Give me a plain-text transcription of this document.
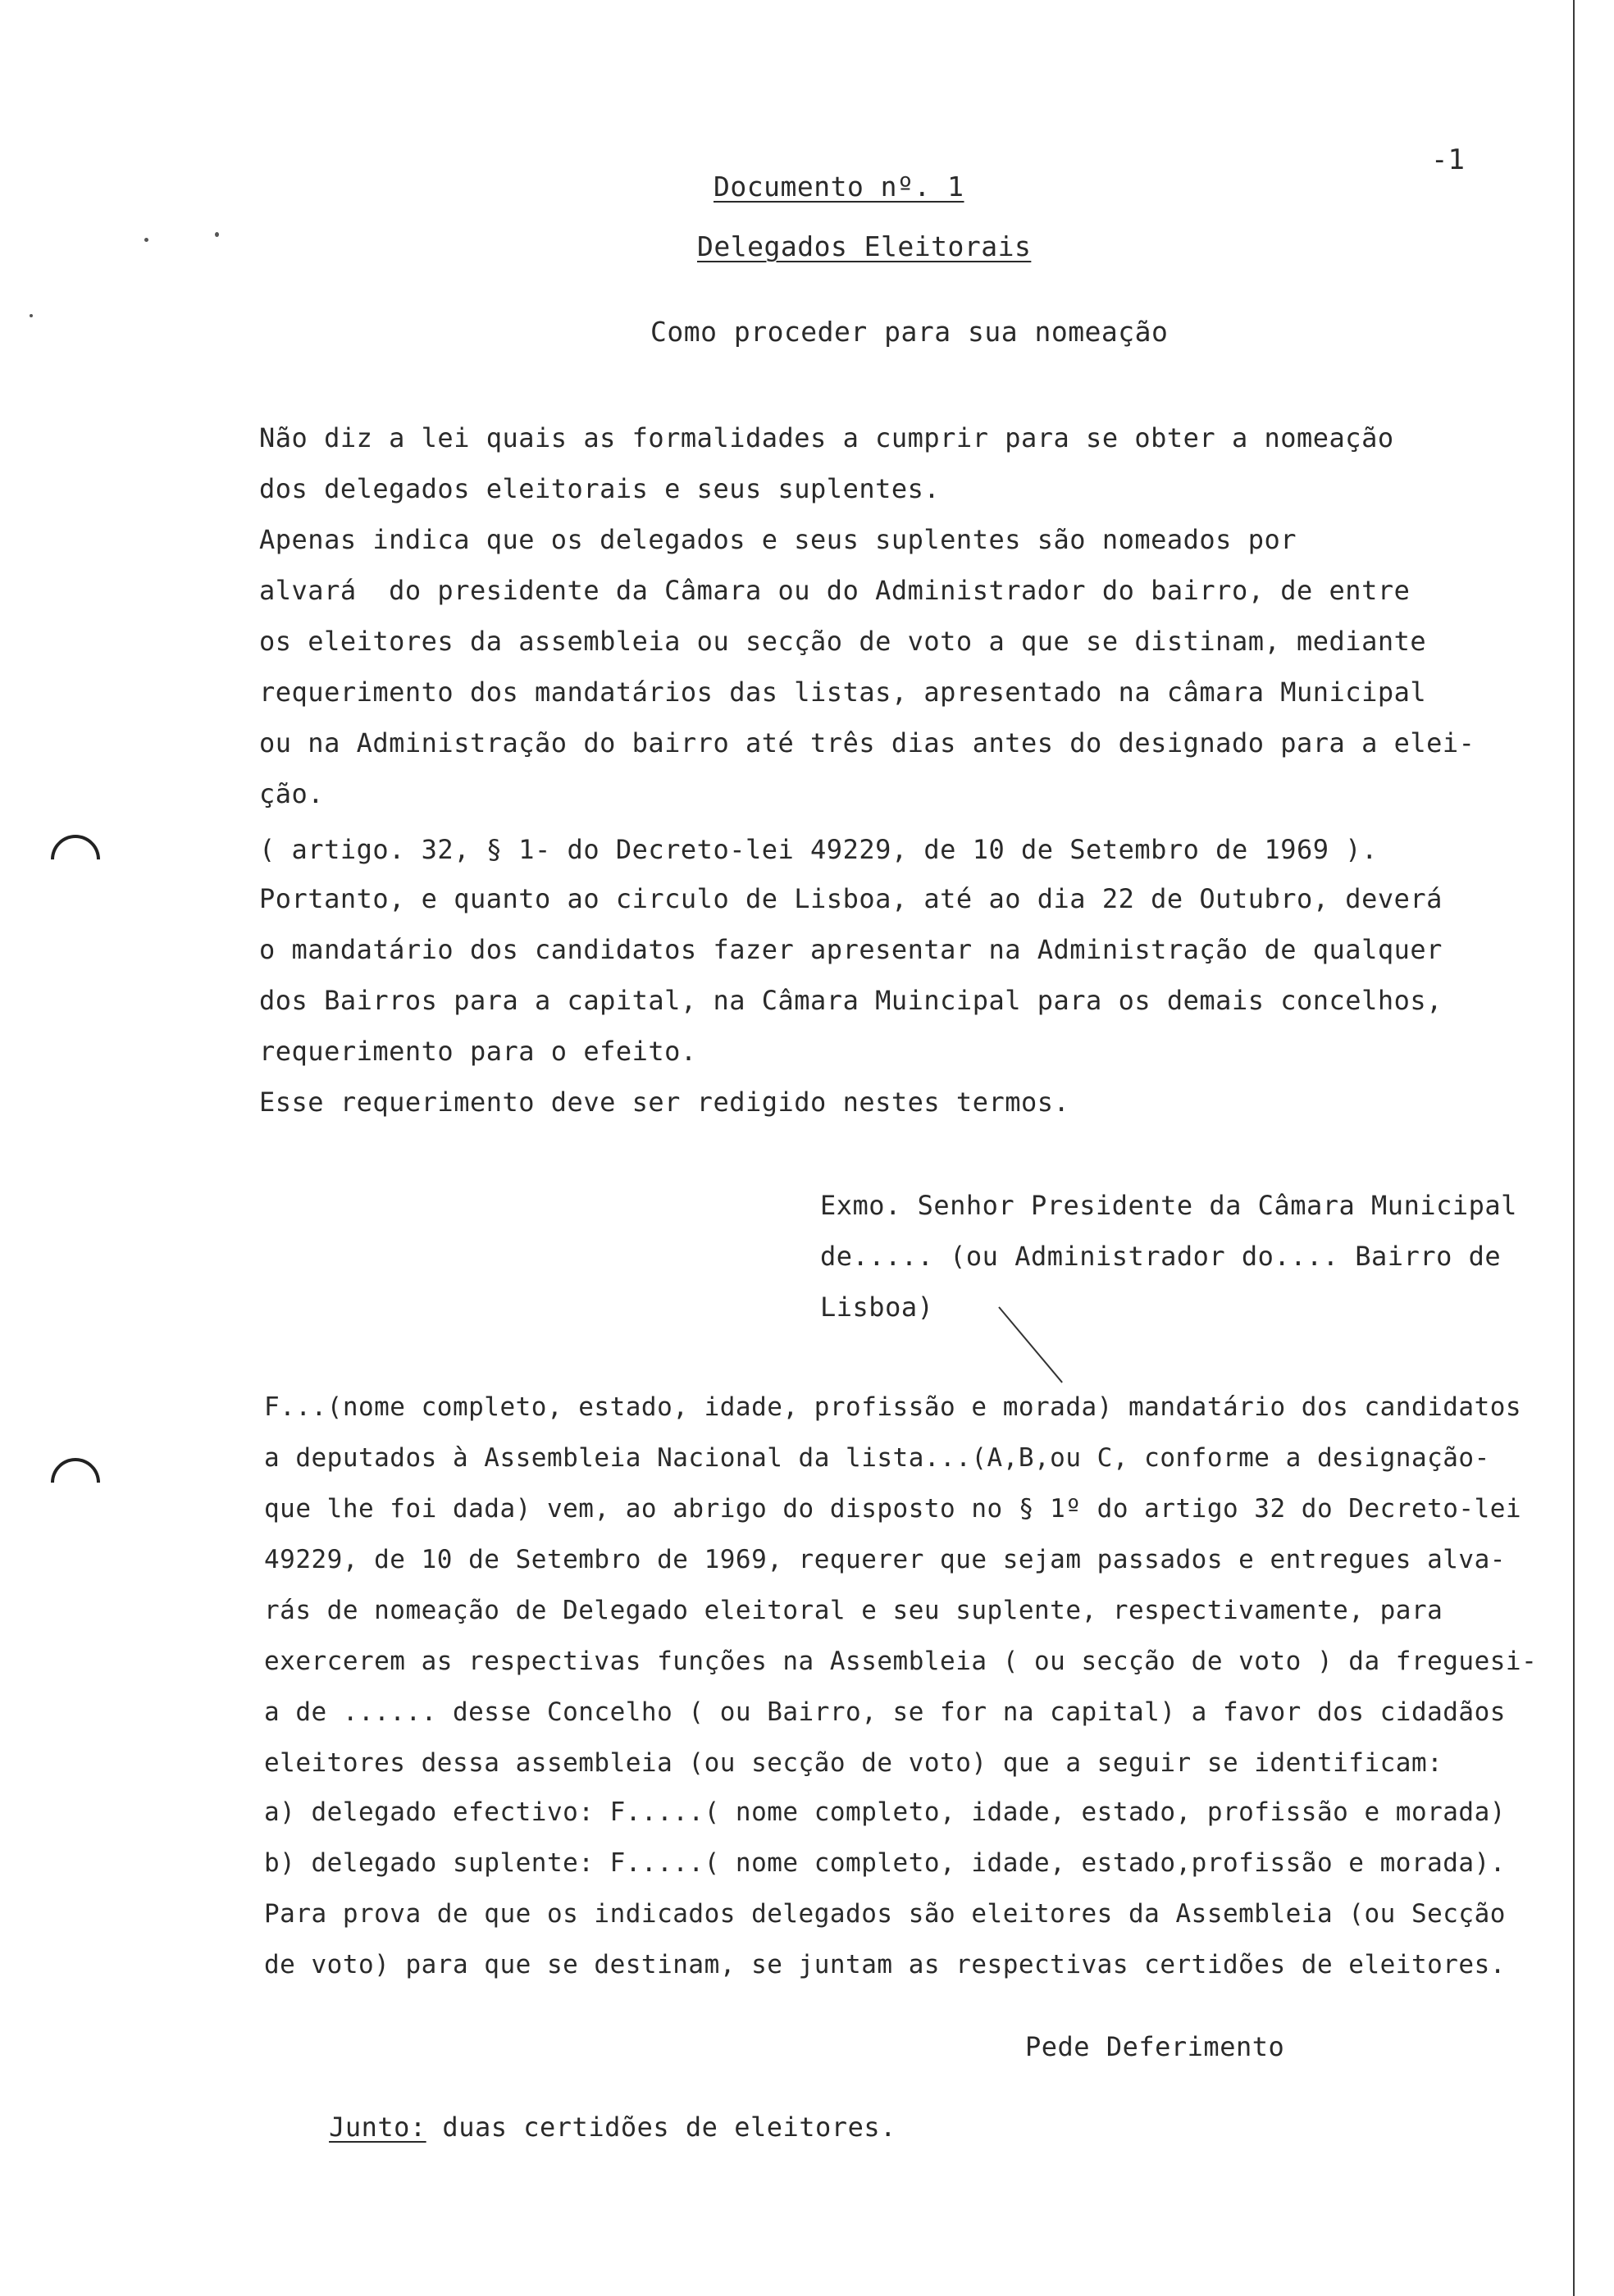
-1
Documento nº. 1
Delegados Eleitorais
Como proceder para sua nomeação
Não diz a lei quais as formalidades a cumprir para se obter a nomeação
dos delegados eleitorais e seus suplentes.
Apenas indica que os delegados e seus suplentes são nomeados por
alvará  do presidente da Câmara ou do Administrador do bairro, de entre
os eleitores da assembleia ou secção de voto a que se distinam, mediante
requerimento dos mandatários das listas, apresentado na câmara Municipal
ou na Administração do bairro até três dias antes do designado para a elei-
ção.
( artigo. 32, § 1- do Decreto-lei 49229, de 10 de Setembro de 1969 ).
Portanto, e quanto ao circulo de Lisboa, até ao dia 22 de Outubro, deverá
o mandatário dos candidatos fazer apresentar na Administração de qualquer
dos Bairros para a capital, na Câmara Muincipal para os demais concelhos,
requerimento para o efeito.
Esse requerimento deve ser redigido nestes termos.
Exmo. Senhor Presidente da Câmara Municipal
de..... (ou Administrador do.... Bairro de
Lisboa)
F...(nome completo, estado, idade, profissão e morada) mandatário dos candidatos
a deputados à Assembleia Nacional da lista...(A,B,ou C, conforme a designação-
que lhe foi dada) vem, ao abrigo do disposto no § 1º do artigo 32 do Decreto-lei
49229, de 10 de Setembro de 1969, requerer que sejam passados e entregues alva-
rás de nomeação de Delegado eleitoral e seu suplente, respectivamente, para
exercerem as respectivas funções na Assembleia ( ou secção de voto ) da freguesi-
a de ...... desse Concelho ( ou Bairro, se for na capital) a favor dos cidadãos
eleitores dessa assembleia (ou secção de voto) que a seguir se identificam:
a) delegado efectivo: F.....( nome completo, idade, estado, profissão e morada)
b) delegado suplente: F.....( nome completo, idade, estado,profissão e morada).
Para prova de que os indicados delegados são eleitores da Assembleia (ou Secção
de voto) para que se destinam, se juntam as respectivas certidões de eleitores.
Pede Deferimento

Junto: duas certidões de eleitores.
